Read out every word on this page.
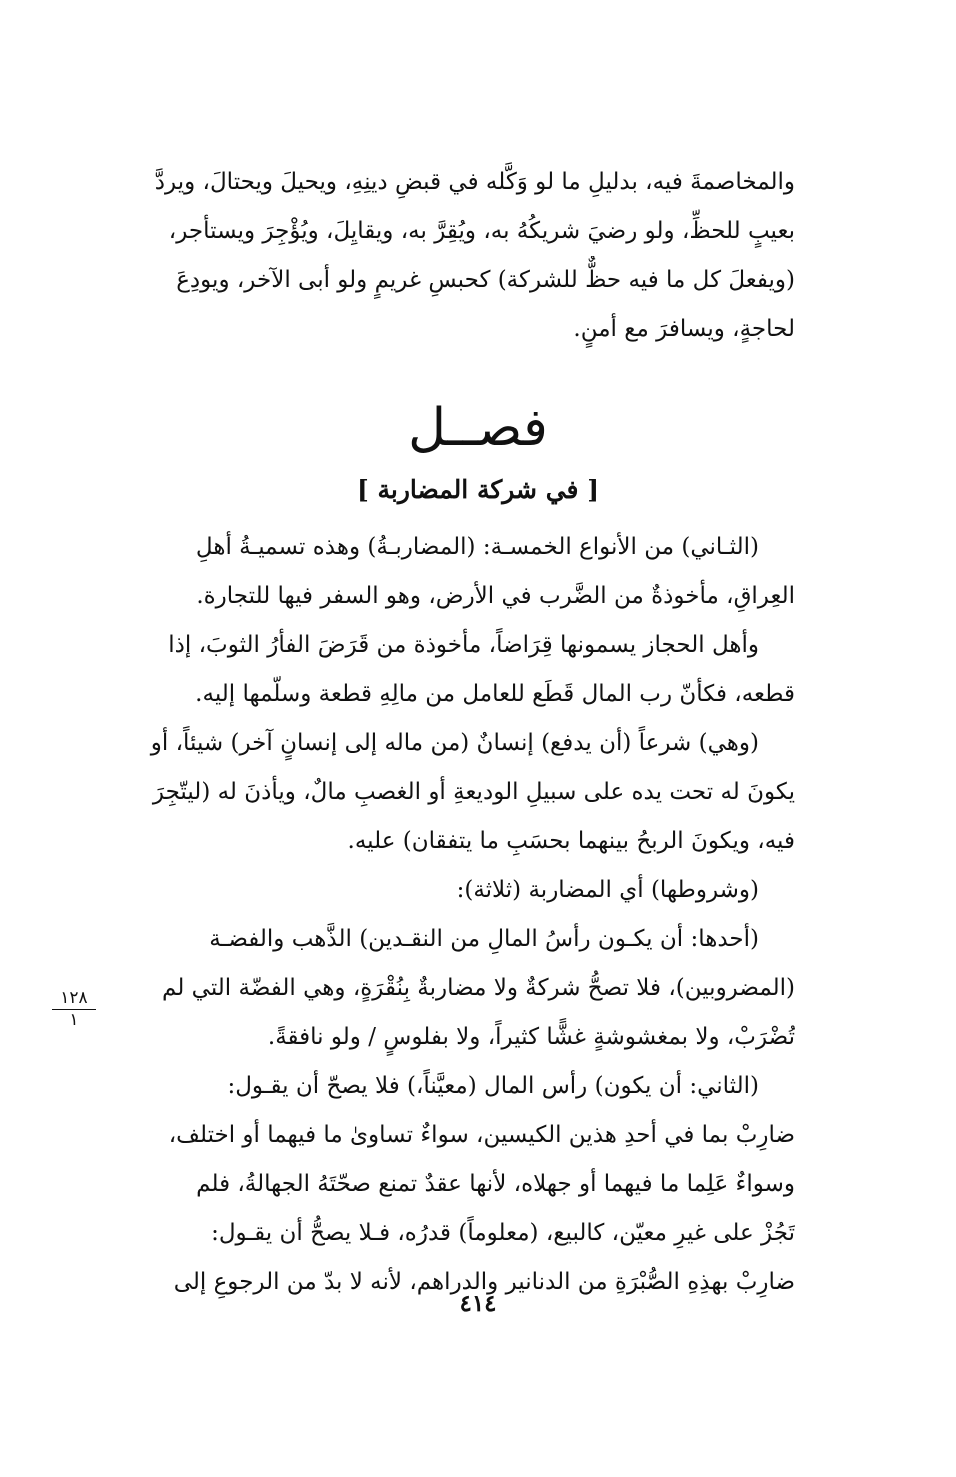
والمخاصمةَ فيه، بدليلِ ما لو وَكَّله في قبضِ دينِهِ، ويحيلَ ويحتالَ، ويردَّ
بعيبٍ للحظِّ، ولو رضيَ شريكُهُ به، ويُقِرَّ به، ويقايِلَ، ويُؤْجِرَ ويستأجر،
(ويفعلَ كل ما فيه حظٌّ للشركة) كحبسِ غريمٍ ولو أبى الآخر، ويودِعَ
لحاجةٍ، ويسافرَ مع أمنٍ.
فصــل
[ في شركة المضاربة ]
(الثـاني) من الأنواع الخمسـة: (المضاربـةُ) وهذه تسميـةُ أهلِ
العِراقِ، مأخوذةٌ من الضَّرب في الأرض، وهو السفر فيها للتجارة.
وأهل الحجاز يسمونها قِرَاضاً، مأخوذة من قَرَضَ الفأرُ الثوبَ، إذا
قطعه، فكأنّ رب المال قَطَع للعامل من مالِهِ قطعة وسلّمها إليه.
(وهي) شرعاً (أن يدفع) إنسانٌ (من ماله إلى إنسانٍ آخر) شيئاً، أو
يكونَ له تحت يده على سبيلِ الوديعةِ أو الغصبِ مالٌ، ويأذنَ له (ليتّجِرَ
فيه، ويكونَ الربحُ بينهما بحسَبِ ما يتفقان) عليه.
(وشروطها) أي المضاربة (ثلاثة):
(أحدها: أن يكـون رأسُ المالِ من النقـدين) الذَّهب والفضـة
(المضروبين)، فلا تصحُّ شركةٌ ولا مضاربةٌ بِنُقْرَةٍ، وهي الفضّة التي لم
تُضْرَبْ، ولا بمغشوشةٍ غشًّا كثيراً، ولا بفلوسٍ / ولو نافقةً.
(الثاني: أن يكون) رأس المال (معيَّناً،) فلا يصحّ أن يقـول:
ضارِبْ بما في أحدِ هذين الكيسين، سواءٌ تساوىٰ ما فيهما أو اختلف،
وسواءٌ عَلِما ما فيهما أو جهلاه، لأنها عقدٌ تمنع صحّتَهُ الجهالةُ، فلم
تَجُزْ على غيرِ معيّن، كالبيع، (معلوماً) قدرُه، فـلا يصحُّ أن يقـول:
ضارِبْ بهذِهِ الصُّبْرَةِ من الدنانير والدراهم، لأنه لا بدّ من الرجوعِ إلى
١٢٨
١
٤١٤
